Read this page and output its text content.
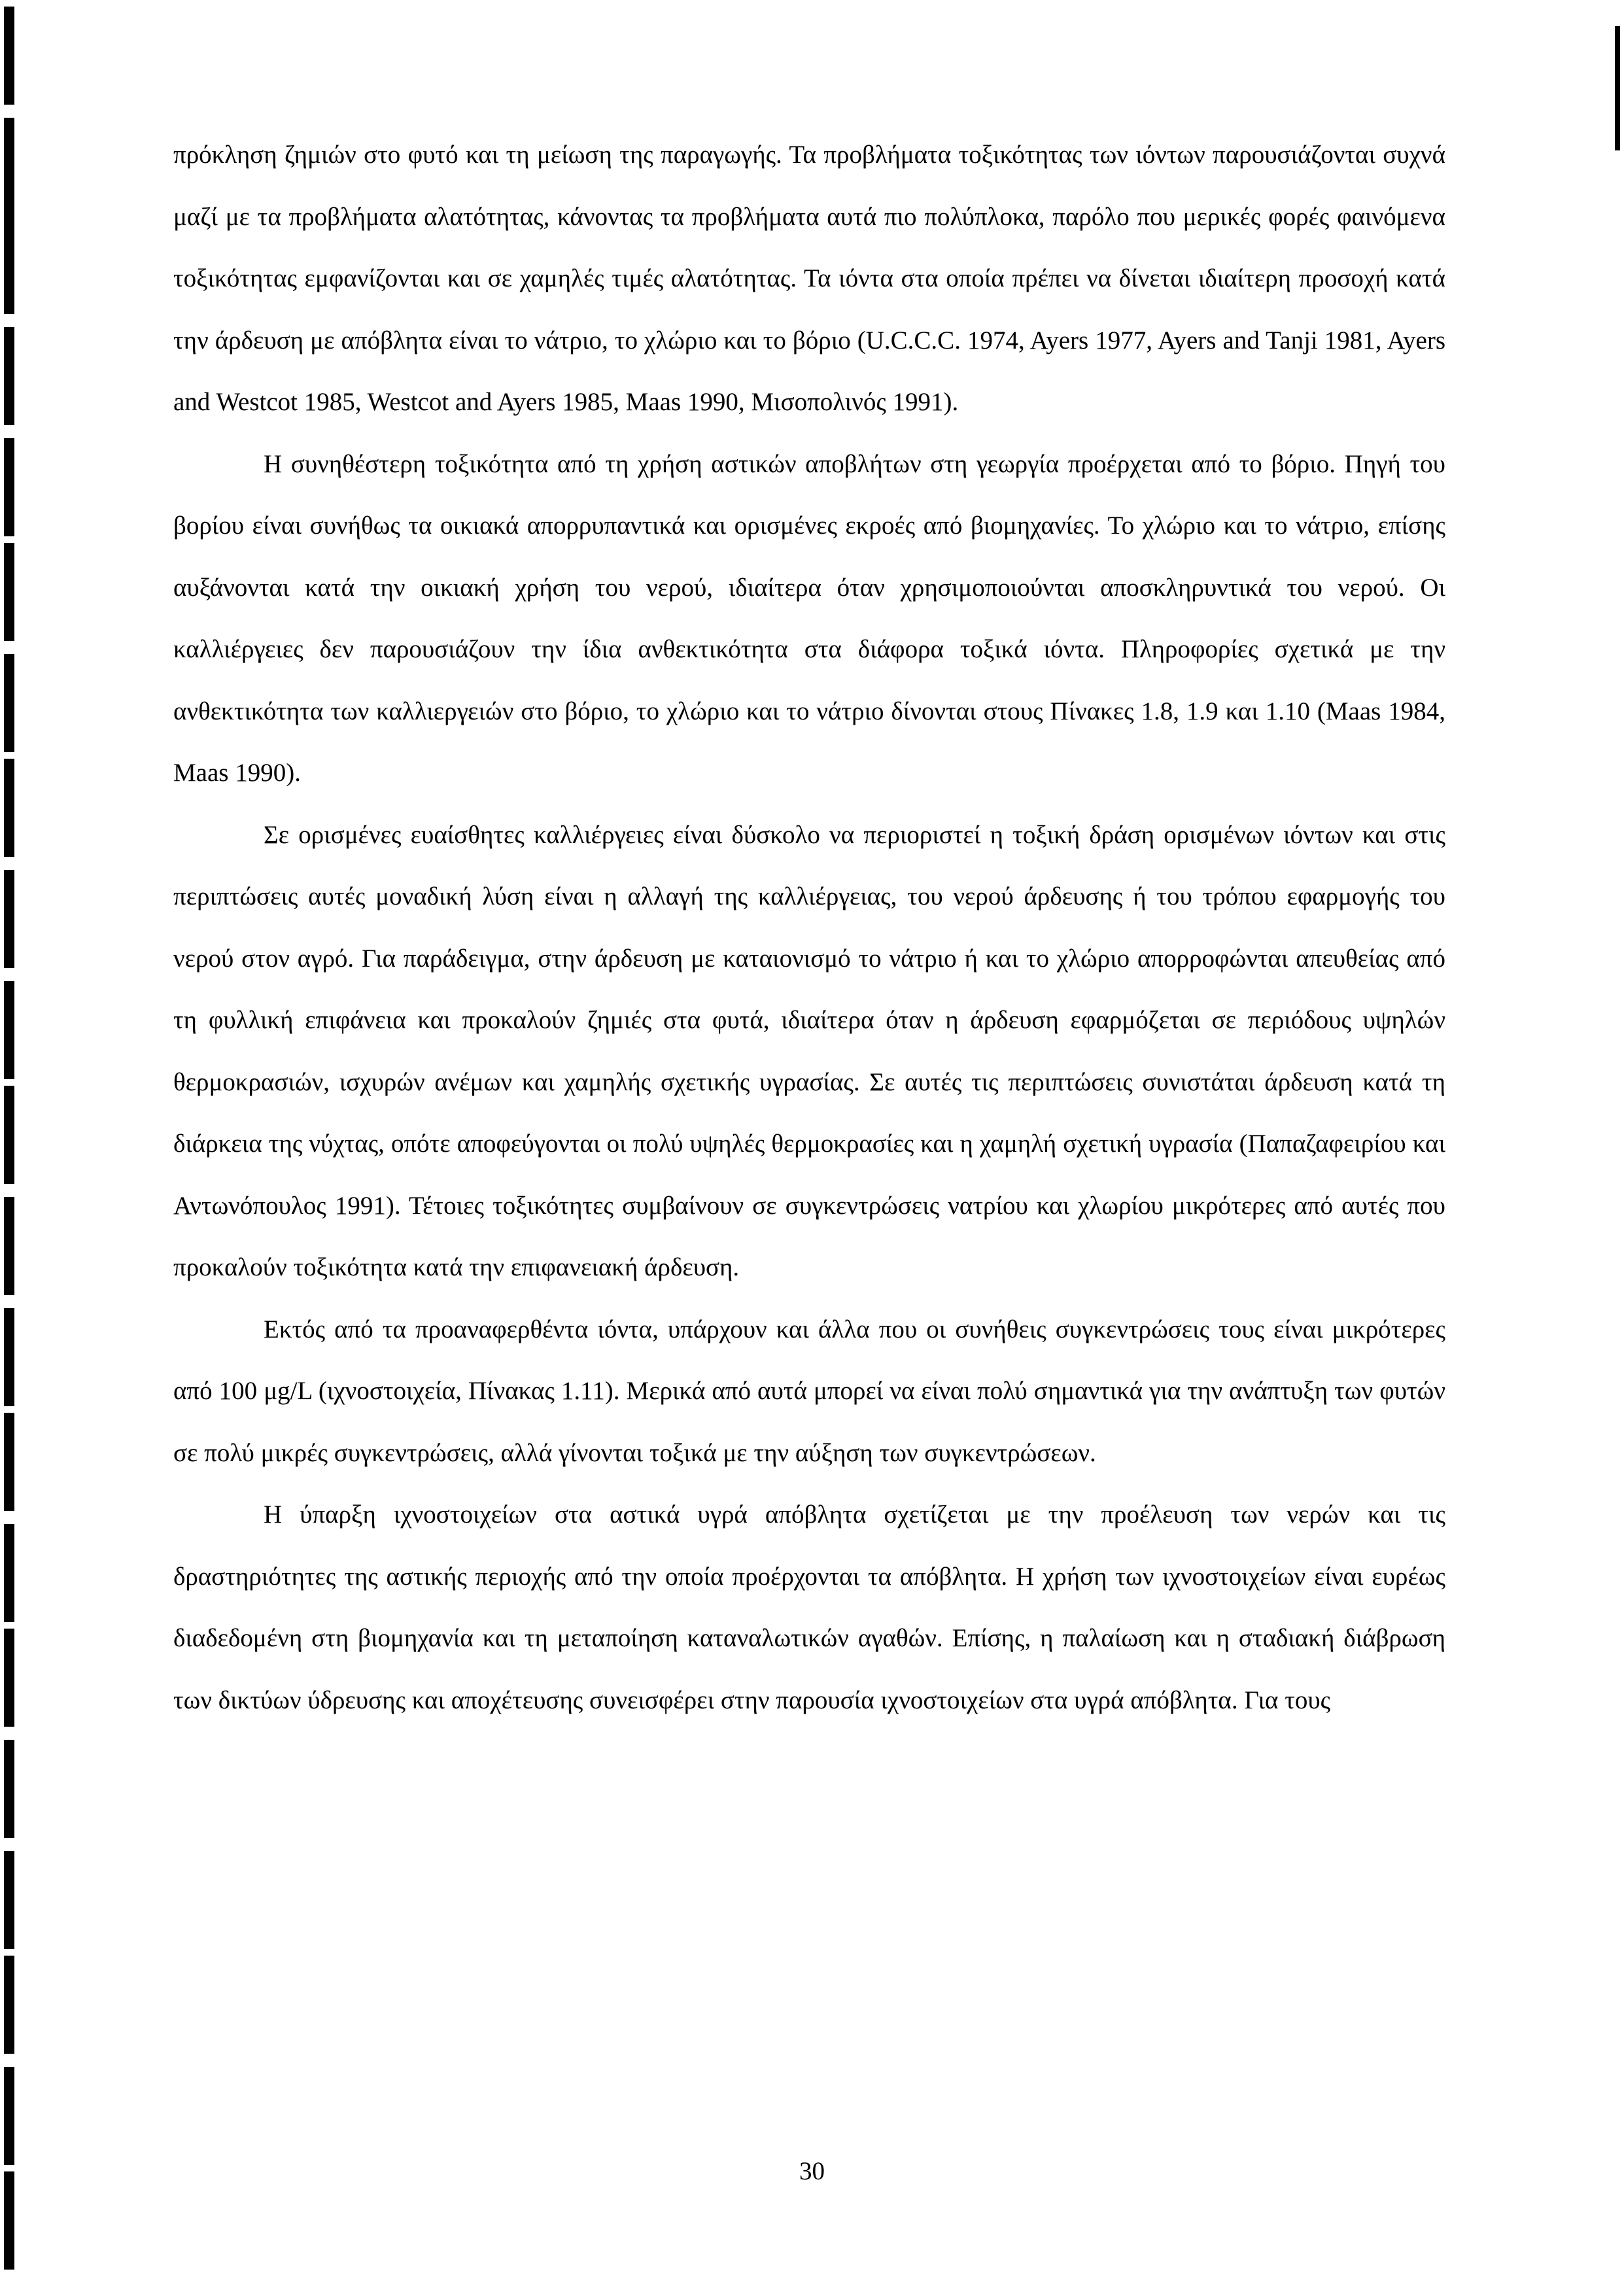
πρόκληση ζημιών στο φυτό και τη μείωση της παραγωγής. Τα προβλήματα τοξικότητας των ιόντων παρουσιάζονται συχνά μαζί με τα προβλήματα αλατότητας, κάνοντας τα προβλήματα αυτά πιο πολύπλοκα, παρόλο που μερικές φορές φαινόμενα τοξικότητας εμφανίζονται και σε χαμηλές τιμές αλατότητας. Τα ιόντα στα οποία πρέπει να δίνεται ιδιαίτερη προσοχή κατά την άρδευση με απόβλητα είναι το νάτριο, το χλώριο και το βόριο (U.C.C.C. 1974, Ayers 1977, Ayers and Tanji 1981, Ayers and Westcot 1985, Westcot and Ayers 1985, Maas 1990, Μισοπολινός 1991).

Η συνηθέστερη τοξικότητα από τη χρήση αστικών αποβλήτων στη γεωργία προέρχεται από το βόριο. Πηγή του βορίου είναι συνήθως τα οικιακά απορρυπαντικά και ορισμένες εκροές από βιομηχανίες. Το χλώριο και το νάτριο, επίσης αυξάνονται κατά την οικιακή χρήση του νερού, ιδιαίτερα όταν χρησιμοποιούνται αποσκληρυντικά του νερού. Οι καλλιέργειες δεν παρουσιάζουν την ίδια ανθεκτικότητα στα διάφορα τοξικά ιόντα. Πληροφορίες σχετικά με την ανθεκτικότητα των καλλιεργειών στο βόριο, το χλώριο και το νάτριο δίνονται στους Πίνακες 1.8, 1.9 και 1.10 (Maas 1984, Maas 1990).

Σε ορισμένες ευαίσθητες καλλιέργειες είναι δύσκολο να περιοριστεί η τοξική δράση ορισμένων ιόντων και στις περιπτώσεις αυτές μοναδική λύση είναι η αλλαγή της καλλιέργειας, του νερού άρδευσης ή του τρόπου εφαρμογής του νερού στον αγρό. Για παράδειγμα, στην άρδευση με καταιονισμό το νάτριο ή και το χλώριο απορροφώνται απευθείας από τη φυλλική επιφάνεια και προκαλούν ζημιές στα φυτά, ιδιαίτερα όταν η άρδευση εφαρμόζεται σε περιόδους υψηλών θερμοκρασιών, ισχυρών ανέμων και χαμηλής σχετικής υγρασίας. Σε αυτές τις περιπτώσεις συνιστάται άρδευση κατά τη διάρκεια της νύχτας, οπότε αποφεύγονται οι πολύ υψηλές θερμοκρασίες και η χαμηλή σχετική υγρασία (Παπαζαφειρίου και Αντωνόπουλος 1991). Τέτοιες τοξικότητες συμβαίνουν σε συγκεντρώσεις νατρίου και χλωρίου μικρότερες από αυτές που προκαλούν τοξικότητα κατά την επιφανειακή άρδευση.

Εκτός από τα προαναφερθέντα ιόντα, υπάρχουν και άλλα που οι συνήθεις συγκεντρώσεις τους είναι μικρότερες από 100 μg/L (ιχνοστοιχεία, Πίνακας 1.11). Μερικά από αυτά μπορεί να είναι πολύ σημαντικά για την ανάπτυξη των φυτών σε πολύ μικρές συγκεντρώσεις, αλλά γίνονται τοξικά με την αύξηση των συγκεντρώσεων.

Η ύπαρξη ιχνοστοιχείων στα αστικά υγρά απόβλητα σχετίζεται με την προέλευση των νερών και τις δραστηριότητες της αστικής περιοχής από την οποία προέρχονται τα απόβλητα. Η χρήση των ιχνοστοιχείων είναι ευρέως διαδεδομένη στη βιομηχανία και τη μεταποίηση καταναλωτικών αγαθών. Επίσης, η παλαίωση και η σταδιακή διάβρωση των δικτύων ύδρευσης και αποχέτευσης συνεισφέρει στην παρουσία ιχνοστοιχείων στα υγρά απόβλητα. Για τους

30
